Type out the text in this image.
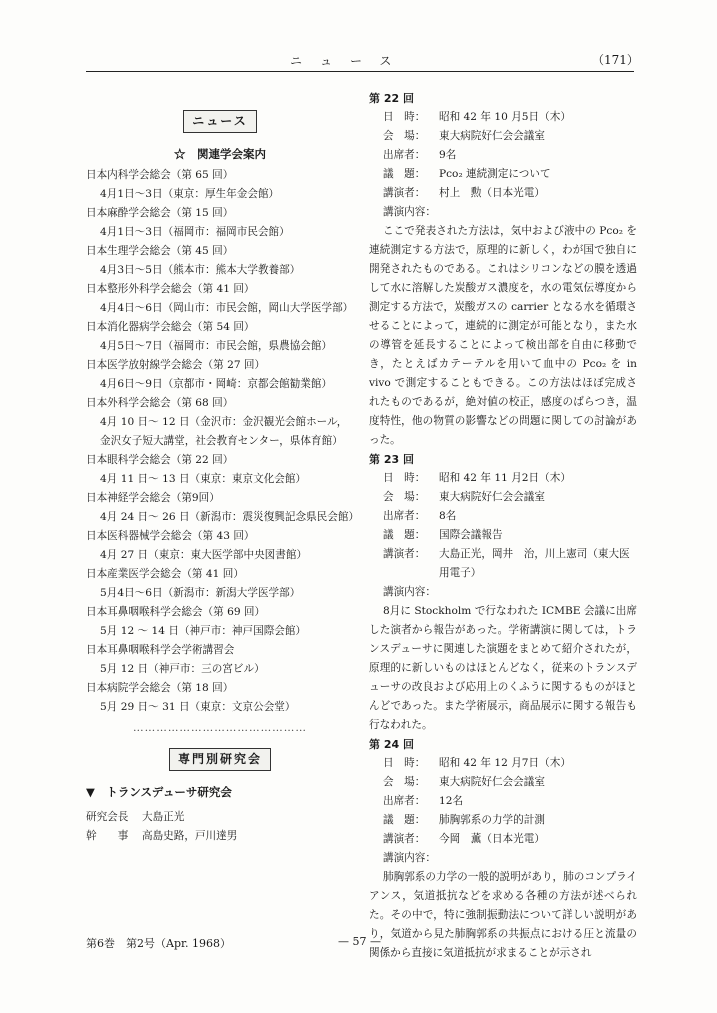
ニュース	（171）
ニュース
☆　関連学会案内
日本内科学会総会（第 65 回）
4月1日〜3日（東京：厚生年金会館）
日本麻酔学会総会（第 15 回）
4月1日〜3日（福岡市：福岡市民会館）
日本生理学会総会（第 45 回）
4月3日〜5日（熊本市：熊本大学教養部）
日本整形外科学会総会（第 41 回）
4月4日〜6日（岡山市：市民会館，岡山大学医学部）
日本消化器病学会総会（第 54 回）
4月5日〜7日（福岡市：市民会館，県農協会館）
日本医学放射線学会総会（第 27 回）
4月6日〜9日（京都市・岡崎：京都会館勧業館）
日本外科学会総会（第 68 回）
4月 10 日〜 12 日（金沢市：金沢観光会館ホール，金沢女子短大講堂，社会教育センター，県体育館）
日本眼科学会総会（第 22 回）
4月 11 日〜 13 日（東京：東京文化会館）
日本神経学会総会（第9回）
4月 24 日〜 26 日（新潟市：震災復興記念県民会館）
日本医科器械学会総会（第 43 回）
4月 27 日（東京：東大医学部中央図書館）
日本産業医学会総会（第 41 回）
5月4日〜6日（新潟市：新潟大学医学部）
日本耳鼻咽喉科学会総会（第 69 回）
5月 12 〜 14 日（神戸市：神戸国際会館）
日本耳鼻咽喉科学会学術講習会
5月 12 日（神戸市：三の宮ビル）
日本病院学会総会（第 18 回）
5月 29 日〜 31 日（東京：文京公会堂）
………………………………………
専門別研究会
▼　トランスデューサ研究会
研究会長	大島正光
幹　　事	高島史路，戸川達男
第 22 回
日　時：	昭和 42 年 10 月5日（木）
会　場：	東大病院好仁会会議室
出席者：	9名
議　題：	Pco₂ 連続測定について
講演者：	村上　勲（日本光電）
講演内容：
ここで発表された方法は，気中および液中の Pco₂ を連続測定する方法で，原理的に新しく，わが国で独自に開発されたものである。これはシリコンなどの膜を透過して水に溶解した炭酸ガス濃度を，水の電気伝導度から測定する方法で，炭酸ガスの carrier となる水を循環させることによって，連続的に測定が可能となり，また水の導管を延長することによって検出部を自由に移動でき，たとえばカテーテルを用いて血中の Pco₂ を in vivo で測定することもできる。この方法はほぼ完成されたものであるが，絶対値の校正，感度のばらつき，温度特性，他の物質の影響などの問題に関しての討論があった。
第 23 回
日　時：	昭和 42 年 11 月2日（木）
会　場：	東大病院好仁会会議室
出席者：	8名
議　題：	国際会議報告
講演者：	大島正光，岡井　治，川上憲司（東大医用電子）
講演内容：
8月に Stockholm で行なわれた ICMBE 会議に出席した演者から報告があった。学術講演に関しては，トランスデューサに関連した演題をまとめて紹介されたが，原理的に新しいものはほとんどなく，従来のトランスデューサの改良および応用上のくふうに関するものがほとんどであった。また学術展示，商品展示に関する報告も行なわれた。
第 24 回
日　時：	昭和 42 年 12 月7日（木）
会　場：	東大病院好仁会会議室
出席者：	12名
議　題：	肺胸郭系の力学的計測
講演者：	今岡　薫（日本光電）
講演内容：
肺胸郭系の力学の一般的説明があり，肺のコンプライアンス，気道抵抗などを求める各種の方法が述べられた。その中で，特に強制振動法について詳しい説明があり，気道から見た肺胸郭系の共振点における圧と流量の関係から直接に気道抵抗が求まることが示され
第6巻　第2号（Apr. 1968）	— 57 —
